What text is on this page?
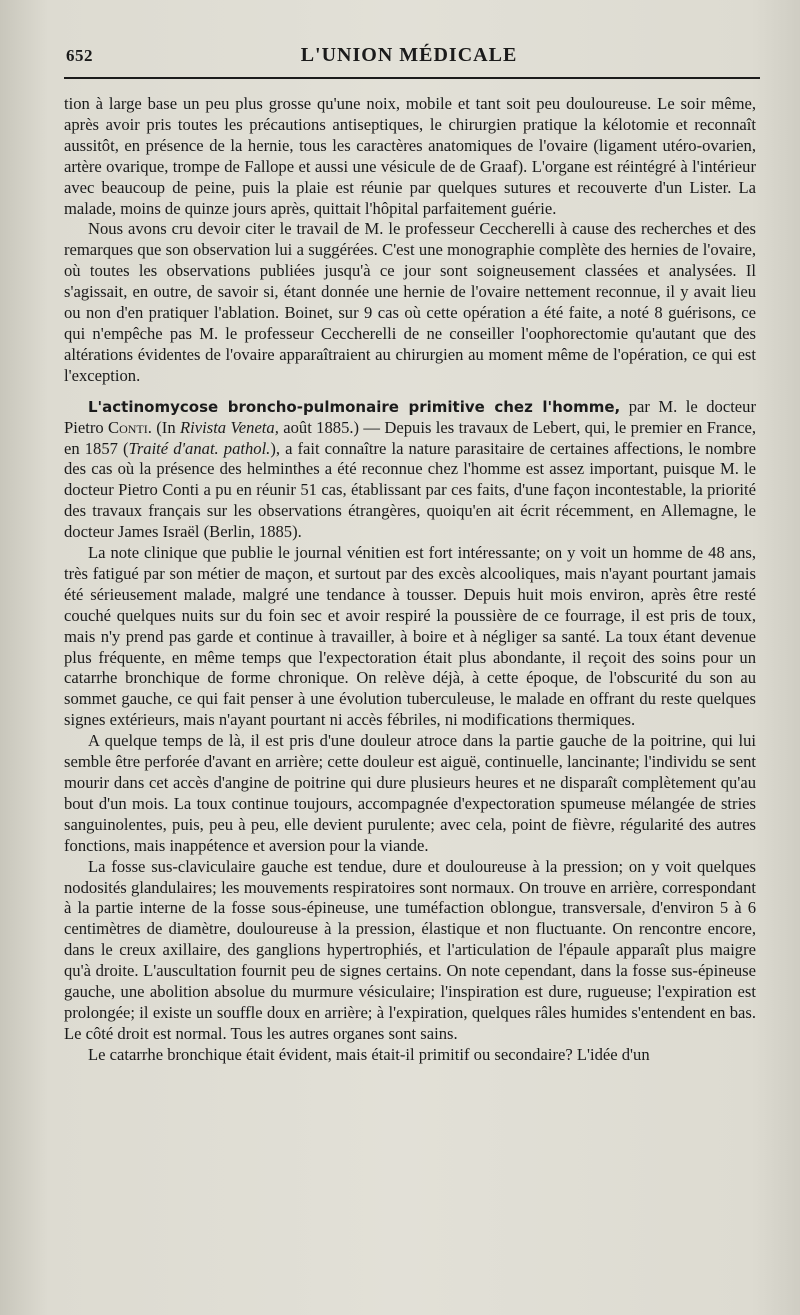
652	L'UNION MÉDICALE

tion à large base un peu plus grosse qu'une noix, mobile et tant soit peu douloureuse. Le soir même, après avoir pris toutes les précautions antiseptiques, le chirurgien pratique la kélotomie et reconnaît aussitôt, en présence de la hernie, tous les caractères anatomiques de l'ovaire (ligament utéro-ovarien, artère ovarique, trompe de Fallope et aussi une vésicule de de Graaf). L'organe est réintégré à l'intérieur avec beaucoup de peine, puis la plaie est réunie par quelques sutures et recouverte d'un Lister. La malade, moins de quinze jours après, quittait l'hôpital parfaitement guérie.

Nous avons cru devoir citer le travail de M. le professeur Ceccherelli à cause des recherches et des remarques que son observation lui a suggérées. C'est une monographie complète des hernies de l'ovaire, où toutes les observations publiées jusqu'à ce jour sont soigneusement classées et analysées. Il s'agissait, en outre, de savoir si, étant donnée une hernie de l'ovaire nettement reconnue, il y avait lieu ou non d'en pratiquer l'ablation. Boinet, sur 9 cas où cette opération a été faite, a noté 8 guérisons, ce qui n'empêche pas M. le professeur Ceccherelli de ne conseiller l'oophorectomie qu'autant que des altérations évidentes de l'ovaire apparaîtraient au chirurgien au moment même de l'opération, ce qui est l'exception.

L'actinomycose broncho-pulmonaire primitive chez l'homme, par M. le docteur Pietro Conti. (In Rivista Veneta, août 1885.) — Depuis les travaux de Lebert, qui, le premier en France, en 1857 (Traité d'anat. pathol.), a fait connaître la nature parasitaire de certaines affections, le nombre des cas où la présence des helminthes a été reconnue chez l'homme est assez important, puisque M. le docteur Pietro Conti a pu en réunir 51 cas, établissant par ces faits, d'une façon incontestable, la priorité des travaux français sur les observations étrangères, quoiqu'en ait écrit récemment, en Allemagne, le docteur James Israël (Berlin, 1885).

La note clinique que publie le journal vénitien est fort intéressante; on y voit un homme de 48 ans, très fatigué par son métier de maçon, et surtout par des excès alcooliques, mais n'ayant pourtant jamais été sérieusement malade, malgré une tendance à tousser. Depuis huit mois environ, après être resté couché quelques nuits sur du foin sec et avoir respiré la poussière de ce fourrage, il est pris de toux, mais n'y prend pas garde et continue à travailler, à boire et à négliger sa santé. La toux étant devenue plus fréquente, en même temps que l'expectoration était plus abondante, il reçoit des soins pour un catarrhe bronchique de forme chronique. On relève déjà, à cette époque, de l'obscurité du son au sommet gauche, ce qui fait penser à une évolution tuberculeuse, le malade en offrant du reste quelques signes extérieurs, mais n'ayant pourtant ni accès fébriles, ni modifications thermiques.

A quelque temps de là, il est pris d'une douleur atroce dans la partie gauche de la poitrine, qui lui semble être perforée d'avant en arrière; cette douleur est aiguë, continuelle, lancinante; l'individu se sent mourir dans cet accès d'angine de poitrine qui dure plusieurs heures et ne disparaît complètement qu'au bout d'un mois. La toux continue toujours, accompagnée d'expectoration spumeuse mélangée de stries sanguinolentes, puis, peu à peu, elle devient purulente; avec cela, point de fièvre, régularité des autres fonctions, mais inappétence et aversion pour la viande.

La fosse sus-claviculaire gauche est tendue, dure et douloureuse à la pression; on y voit quelques nodosités glandulaires; les mouvements respiratoires sont normaux. On trouve en arrière, correspondant à la partie interne de la fosse sous-épineuse, une tuméfaction oblongue, transversale, d'environ 5 à 6 centimètres de diamètre, douloureuse à la pression, élastique et non fluctuante. On rencontre encore, dans le creux axillaire, des ganglions hypertrophiés, et l'articulation de l'épaule apparaît plus maigre qu'à droite. L'auscultation fournit peu de signes certains. On note cependant, dans la fosse sus-épineuse gauche, une abolition absolue du murmure vésiculaire; l'inspiration est dure, rugueuse; l'expiration est prolongée; il existe un souffle doux en arrière; à l'expiration, quelques râles humides s'entendent en bas. Le côté droit est normal. Tous les autres organes sont sains.

Le catarrhe bronchique était évident, mais était-il primitif ou secondaire? L'idée d'un
